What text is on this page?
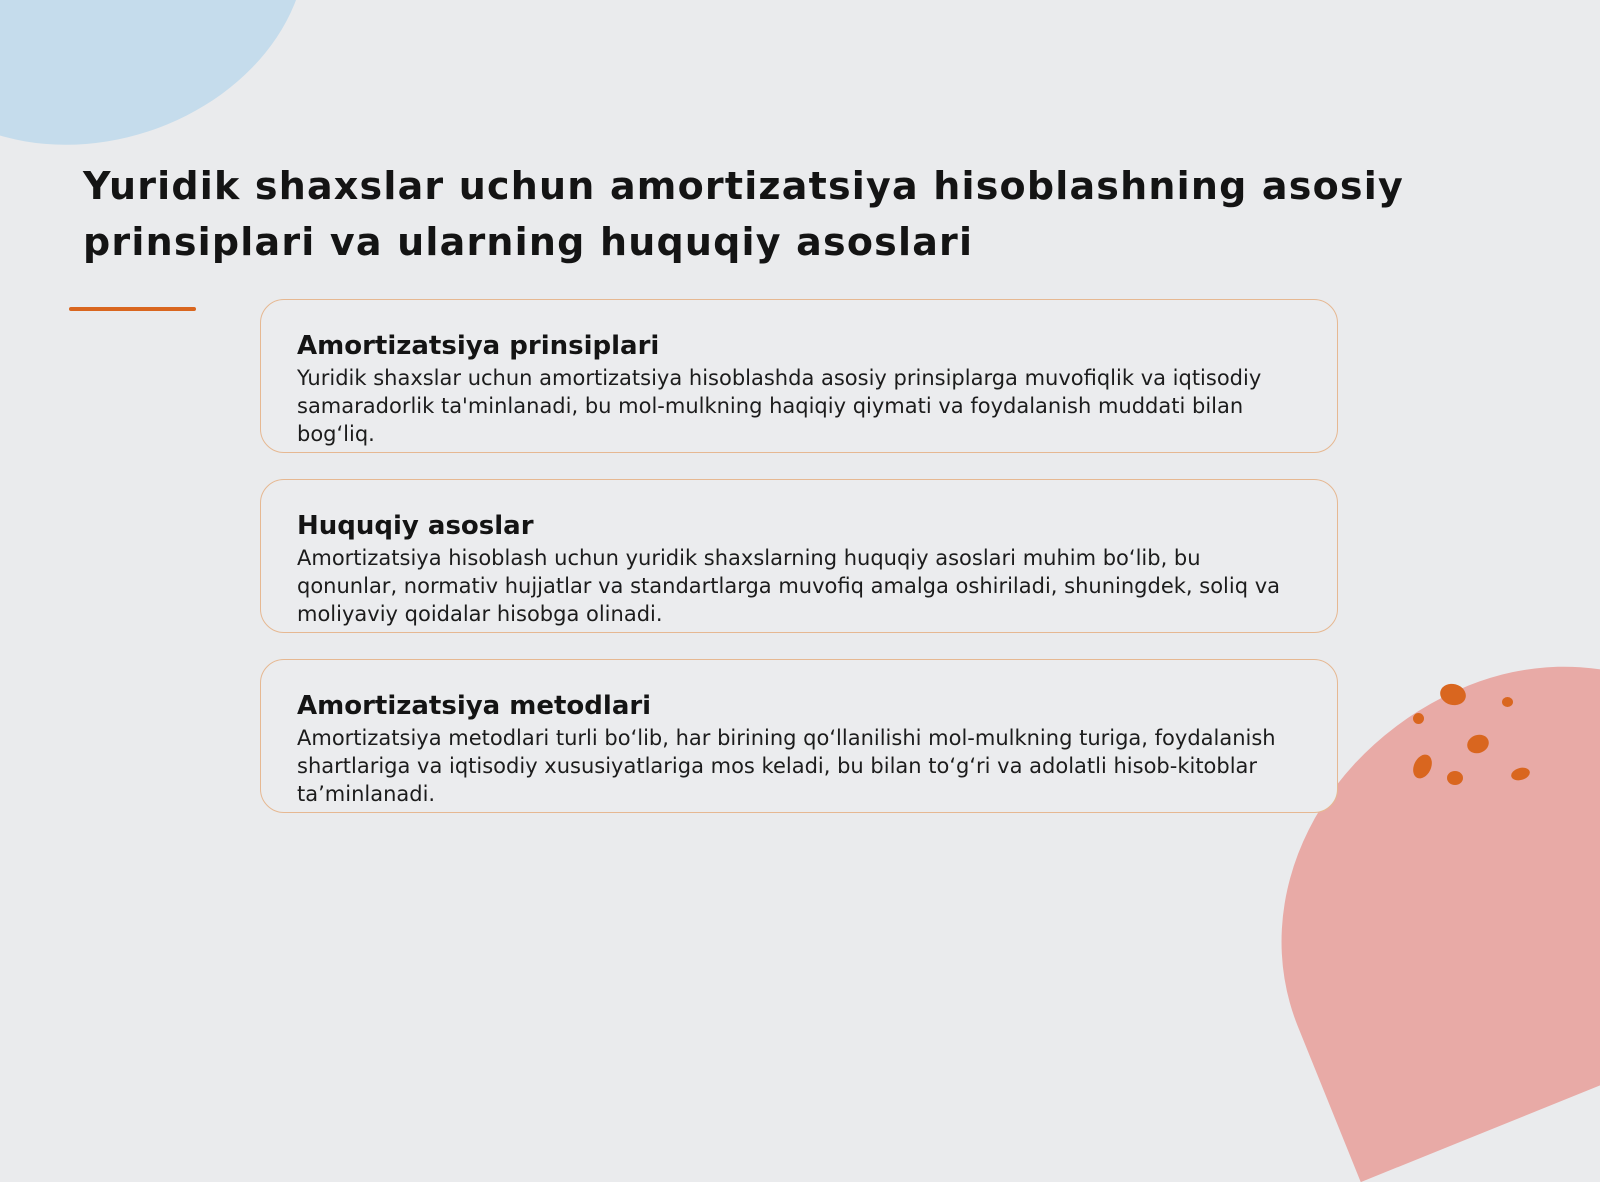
Yuridik shaxslar uchun amortizatsiya hisoblashning asosiy prinsiplari va ularning huquqiy asoslari
Amortizatsiya prinsiplari

Yuridik shaxslar uchun amortizatsiya hisoblashda asosiy prinsiplarga muvofiqlik va iqtisodiy samaradorlik ta'minlanadi, bu mol-mulkning haqiqiy qiymati va foydalanish muddati bilan bog‘liq.

Huquqiy asoslar

Amortizatsiya hisoblash uchun yuridik shaxslarning huquqiy asoslari muhim bo‘lib, bu qonunlar, normativ hujjatlar va standartlarga muvofiq amalga oshiriladi, shuningdek, soliq va moliyaviy qoidalar hisobga olinadi.

Amortizatsiya metodlari

Amortizatsiya metodlari turli bo‘lib, har birining qo‘llanilishi mol-mulkning turiga, foydalanish shartlariga va iqtisodiy xususiyatlariga mos keladi, bu bilan to‘g‘ri va adolatli hisob-kitoblar ta’minlanadi.
